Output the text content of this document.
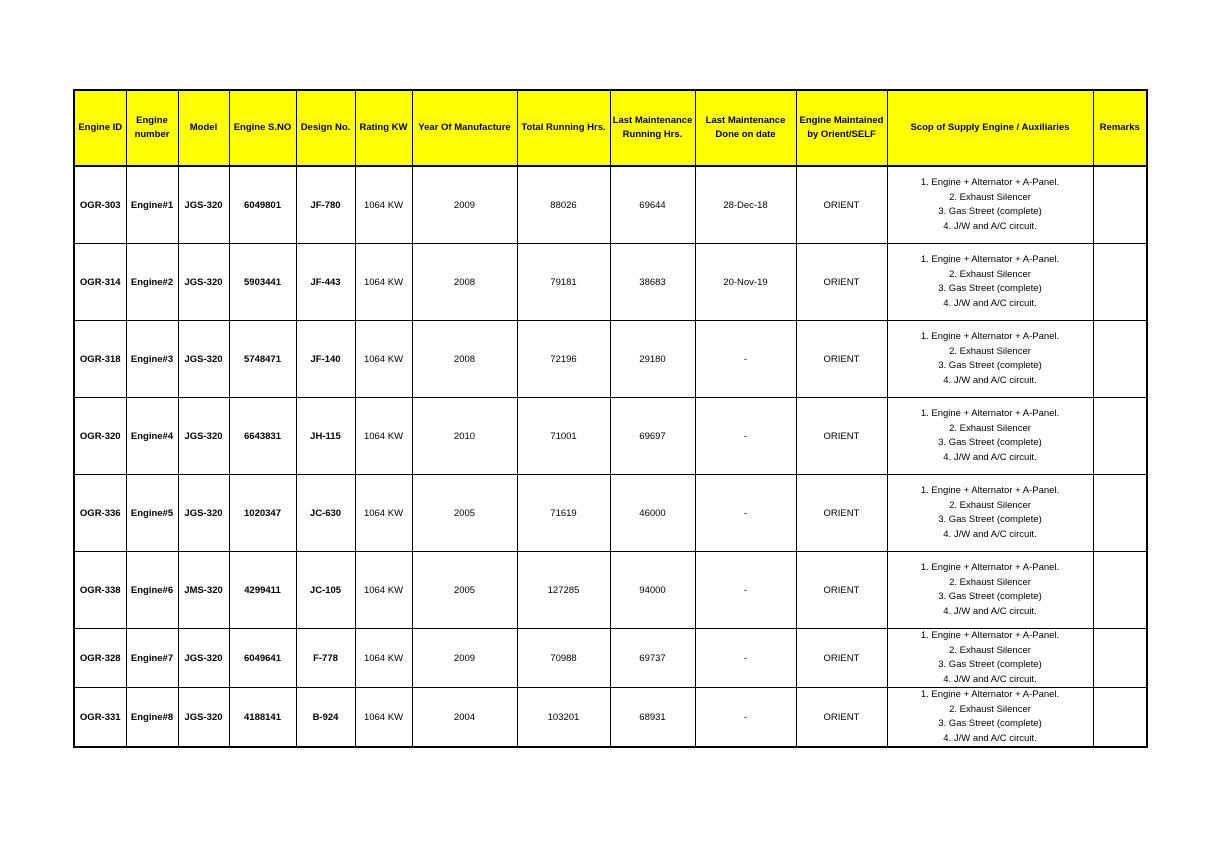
Engine ID	Engine number	Model	Engine S.NO	Design No.	Rating KW	Year Of Manufacture	Total Running Hrs.	Last Maintenance Running Hrs.	Last Maintenance Done on date	Engine Maintained by Orient/SELF	Scop of Supply Engine / Auxiliaries	Remarks
OGR-303	Engine#1	JGS-320	6049801	JF-780	1064 KW	2009	88026	69644	28-Dec-18	ORIENT	1. Engine + Alternator + A-Panel.
2. Exhaust Silencer
3. Gas Street (complete)
4. J/W and A/C circuit.	

OGR-314	Engine#2	JGS-320	5903441	JF-443	1064 KW	2008	79181	38683	20-Nov-19	ORIENT	1. Engine + Alternator + A-Panel.
2. Exhaust Silencer
3. Gas Street (complete)
4. J/W and A/C circuit.	

OGR-318	Engine#3	JGS-320	5748471	JF-140	1064 KW	2008	72196	29180	-	ORIENT	1. Engine + Alternator + A-Panel.
2. Exhaust Silencer
3. Gas Street (complete)
4. J/W and A/C circuit.	

OGR-320	Engine#4	JGS-320	6643831	JH-115	1064 KW	2010	71001	69697	-	ORIENT	1. Engine + Alternator + A-Panel.
2. Exhaust Silencer
3. Gas Street (complete)
4. J/W and A/C circuit.	

OGR-336	Engine#5	JGS-320	1020347	JC-630	1064 KW	2005	71619	46000	-	ORIENT	1. Engine + Alternator + A-Panel.
2. Exhaust Silencer
3. Gas Street (complete)
4. J/W and A/C circuit.	

OGR-338	Engine#6	JMS-320	4299411	JC-105	1064 KW	2005	127285	94000	-	ORIENT	1. Engine + Alternator + A-Panel.
2. Exhaust Silencer
3. Gas Street (complete)
4. J/W and A/C circuit.	

OGR-328	Engine#7	JGS-320	6049641	F-778	1064 KW	2009	70988	69737	-	ORIENT	1. Engine + Alternator + A-Panel.
2. Exhaust Silencer
3. Gas Street (complete)
4. J/W and A/C circuit.	

OGR-331	Engine#8	JGS-320	4188141	B-924	1064 KW	2004	103201	68931	-	ORIENT	1. Engine + Alternator + A-Panel.
2. Exhaust Silencer
3. Gas Street (complete)
4. J/W and A/C circuit.	
